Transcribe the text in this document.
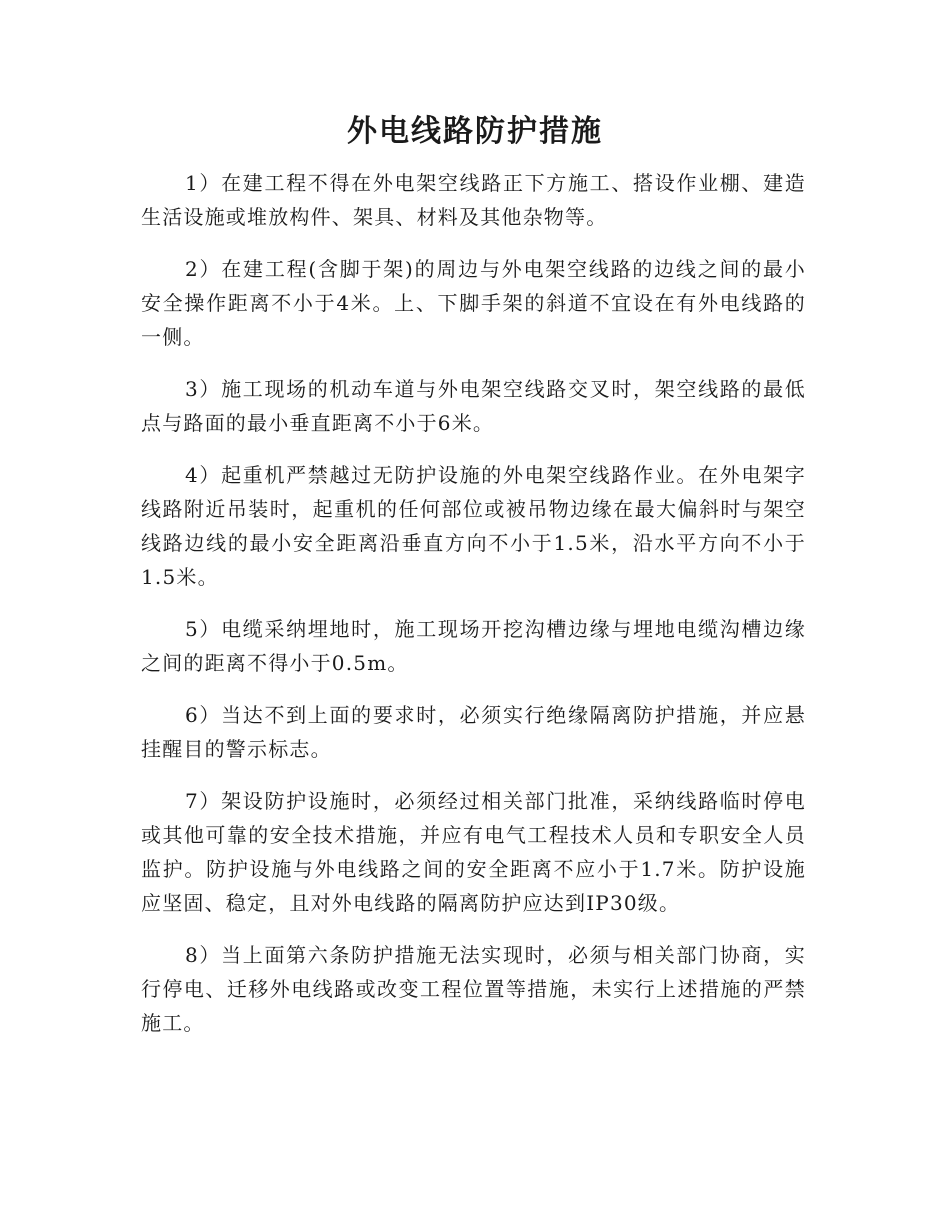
外电线路防护措施

1）在建工程不得在外电架空线路正下方施工、搭设作业棚、建造生活设施或堆放构件、架具、材料及其他杂物等。

2）在建工程(含脚于架)的周边与外电架空线路的边线之间的最小安全操作距离不小于4米。上、下脚手架的斜道不宜设在有外电线路的一侧。

3）施工现场的机动车道与外电架空线路交叉时，架空线路的最低点与路面的最小垂直距离不小于6米。

4）起重机严禁越过无防护设施的外电架空线路作业。在外电架字线路附近吊装时，起重机的任何部位或被吊物边缘在最大偏斜时与架空线路边线的最小安全距离沿垂直方向不小于1.5米，沿水平方向不小于1.5米。

5）电缆采纳埋地时，施工现场开挖沟槽边缘与埋地电缆沟槽边缘之间的距离不得小于0.5m。

6）当达不到上面的要求时，必须实行绝缘隔离防护措施，并应悬挂醒目的警示标志。

7）架设防护设施时，必须经过相关部门批准，采纳线路临时停电或其他可靠的安全技术措施，并应有电气工程技术人员和专职安全人员监护。防护设施与外电线路之间的安全距离不应小于1.7米。防护设施应坚固、稳定，且对外电线路的隔离防护应达到IP30级。

8）当上面第六条防护措施无法实现时，必须与相关部门协商，实行停电、迁移外电线路或改变工程位置等措施，未实行上述措施的严禁施工。
